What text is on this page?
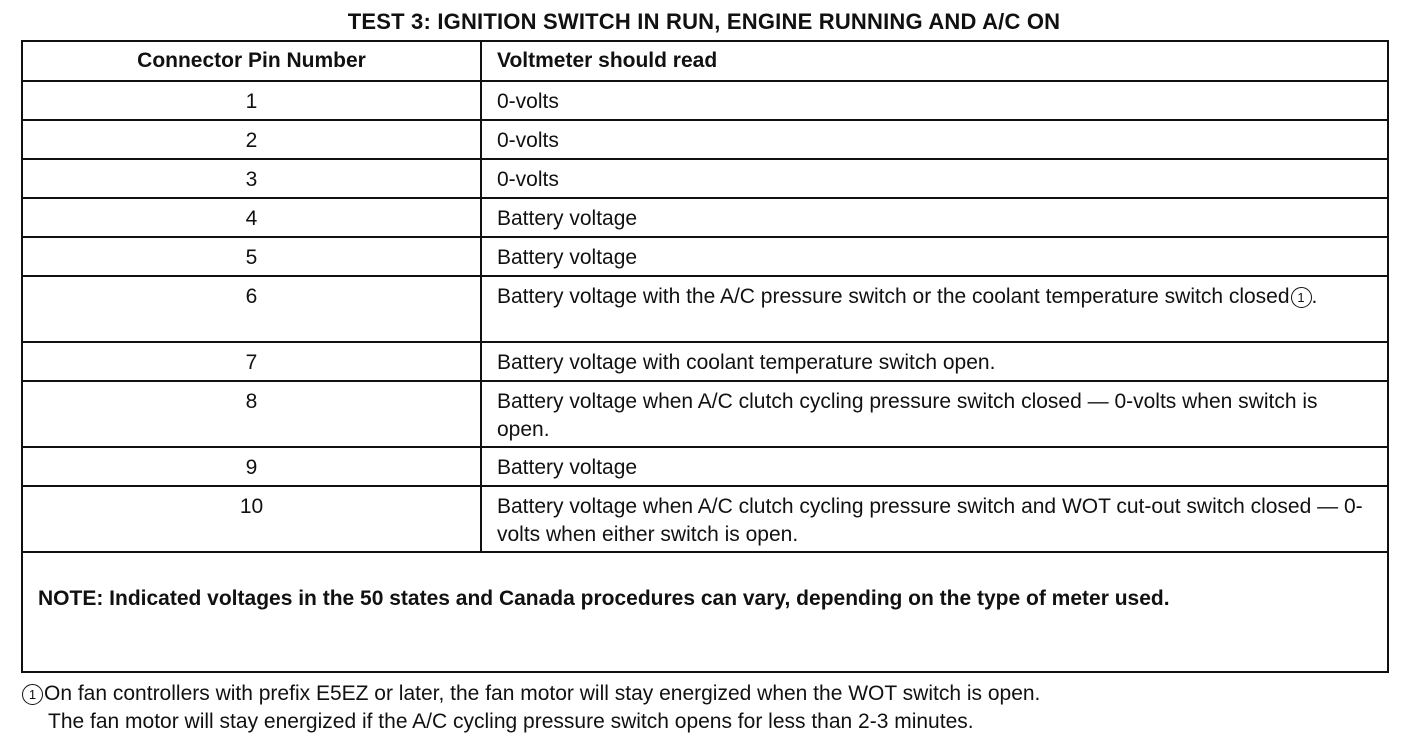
TEST 3: IGNITION SWITCH IN RUN, ENGINE RUNNING AND A/C ON
Connector Pin Number	Voltmeter should read
1	0-volts
2	0-volts
3	0-volts
4	Battery voltage
5	Battery voltage
6	Battery voltage with the A/C pressure switch or the coolant temperature switch closed 1 .
7	Battery voltage with coolant temperature switch open.
8	Battery voltage when A/C clutch cycling pressure switch closed — 0-volts when switch is open.
9	Battery voltage
10	Battery voltage when A/C clutch cycling pressure switch and WOT cut-out switch closed — 0-volts when either switch is open.
NOTE: Indicated voltages in the 50 states and Canada procedures can vary, depending on the type of meter used.	
1 On fan controllers with prefix E5EZ or later, the fan motor will stay energized when the WOT switch is open.
The fan motor will stay energized if the A/C cycling pressure switch opens for less than 2-3 minutes.
